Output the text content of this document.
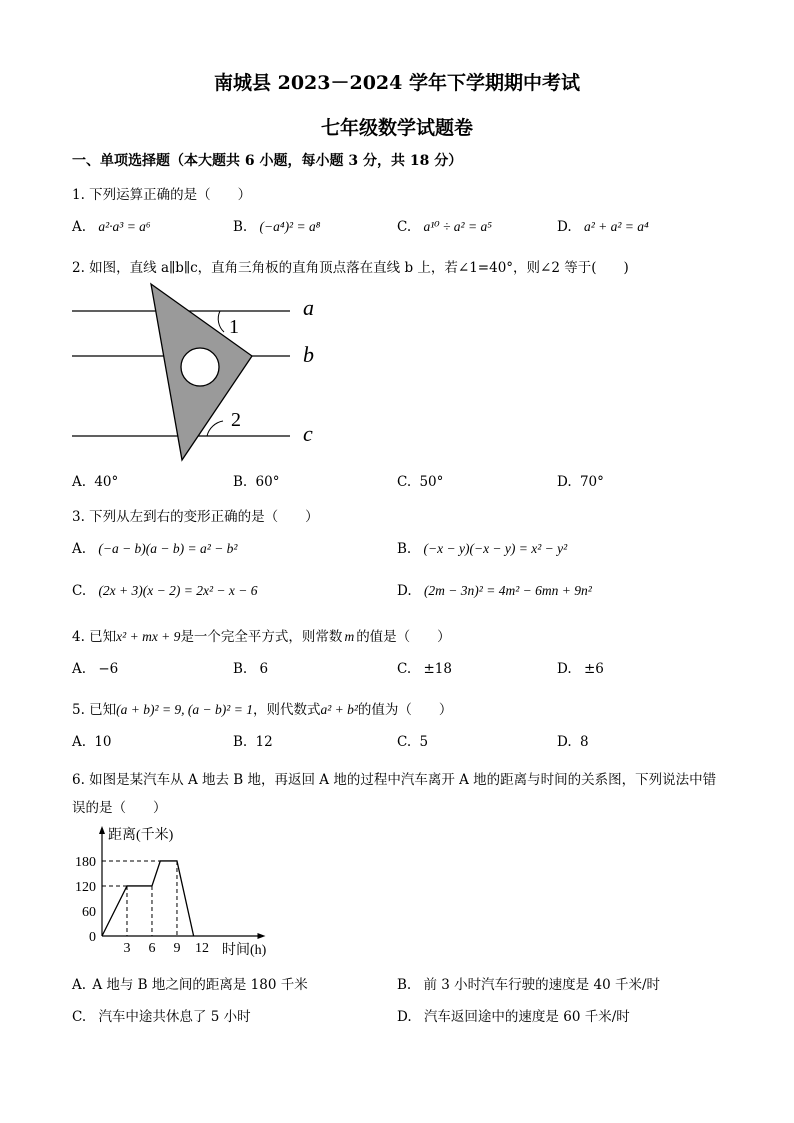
南城县 2023－2024 学年下学期期中考试
七年级数学试题卷
一、单项选择题（本大题共 6 小题，每小题 3 分，共 18 分）
1. 下列运算正确的是（　　）
A. a²·a³ = a⁶	B. (−a⁴)² = a⁸	C. a¹⁰ ÷ a² = a⁵	D. a² + a² = a⁴
2. 如图，直线 a∥b∥c，直角三角板的直角顶点落在直线 b 上，若∠1=40°，则∠2 等于(　　)
1
2
a
b
c
A. 40°	B. 60°	C. 50°	D. 70°
3. 下列从左到右的变形正确的是（　　）
A. (−a − b)(a − b) = a² − b²	B. (−x − y)(−x − y) = x² − y²
C. (2x + 3)(x − 2) = 2x² − x − 6	D. (2m − 3n)² = 4m² − 6mn + 9n²
4. 已知x² + mx + 9是一个完全平方式，则常数 m 的值是（　　）
A. −6	B. 6	C. ±18	D. ±6
5. 已知(a + b)² = 9, (a − b)² = 1，则代数式a² + b²的值为（　　）
A. 10	B. 12	C. 5	D. 8
6. 如图是某汽车从 A 地去 B 地，再返回 A 地的过程中汽车离开 A 地的距离与时间的关系图，下列说法中错
误的是（　　）
0
60
120
180
3 6 9 12
距离(千米)
时间(h)
A. A 地与 B 地之间的距离是 180 千米	B. 前 3 小时汽车行驶的速度是 40 千米/时
C. 汽车中途共休息了 5 小时	D. 汽车返回途中的速度是 60 千米/时
